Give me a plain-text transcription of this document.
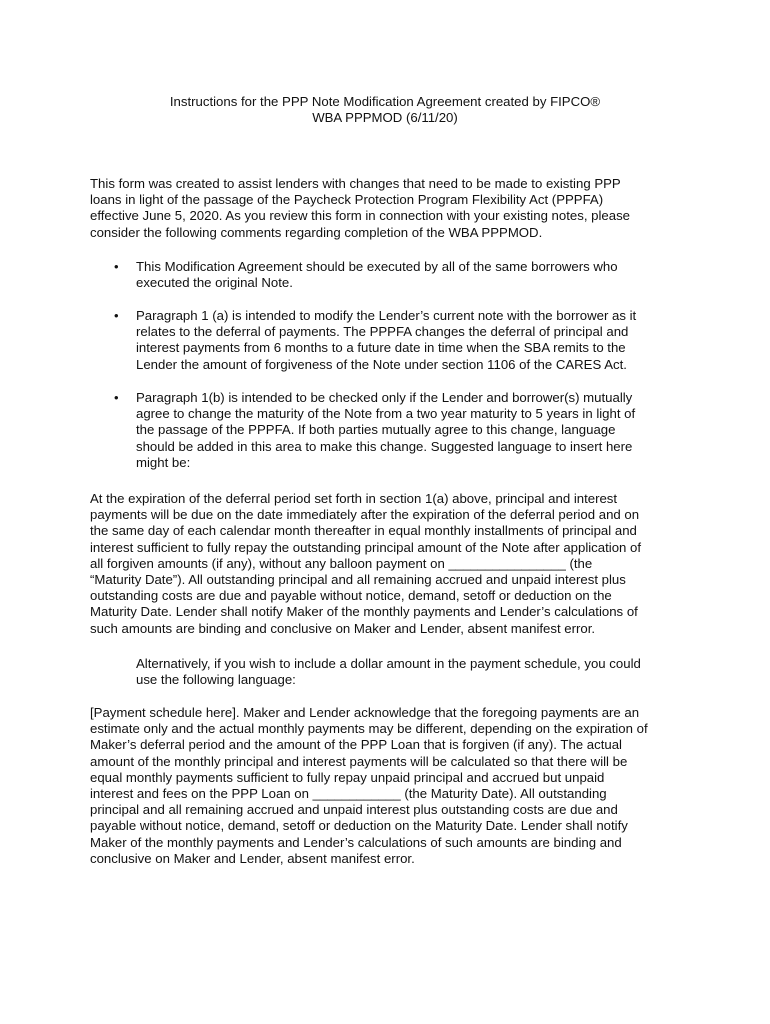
Instructions for the PPP Note Modification Agreement created by FIPCO®
WBA PPPMOD (6/11/20)
This form was created to assist lenders with changes that need to be made to existing PPP
loans in light of the passage of the Paycheck Protection Program Flexibility Act (PPPFA)
effective June 5, 2020. As you review this form in connection with your existing notes, please
consider the following comments regarding completion of the WBA PPPMOD.
• This Modification Agreement should be executed by all of the same borrowers who
executed the original Note.
• Paragraph 1 (a) is intended to modify the Lender’s current note with the borrower as it
relates to the deferral of payments. The PPPFA changes the deferral of principal and
interest payments from 6 months to a future date in time when the SBA remits to the
Lender the amount of forgiveness of the Note under section 1106 of the CARES Act.
• Paragraph 1(b) is intended to be checked only if the Lender and borrower(s) mutually
agree to change the maturity of the Note from a two year maturity to 5 years in light of
the passage of the PPPFA. If both parties mutually agree to this change, language
should be added in this area to make this change. Suggested language to insert here
might be:
At the expiration of the deferral period set forth in section 1(a) above, principal and interest
payments will be due on the date immediately after the expiration of the deferral period and on
the same day of each calendar month thereafter in equal monthly installments of principal and
interest sufficient to fully repay the outstanding principal amount of the Note after application of
all forgiven amounts (if any), without any balloon payment on ________________ (the
“Maturity Date”). All outstanding principal and all remaining accrued and unpaid interest plus
outstanding costs are due and payable without notice, demand, setoff or deduction on the
Maturity Date. Lender shall notify Maker of the monthly payments and Lender’s calculations of
such amounts are binding and conclusive on Maker and Lender, absent manifest error.
Alternatively, if you wish to include a dollar amount in the payment schedule, you could
use the following language:
[Payment schedule here]. Maker and Lender acknowledge that the foregoing payments are an
estimate only and the actual monthly payments may be different, depending on the expiration of
Maker’s deferral period and the amount of the PPP Loan that is forgiven (if any). The actual
amount of the monthly principal and interest payments will be calculated so that there will be
equal monthly payments sufficient to fully repay unpaid principal and accrued but unpaid
interest and fees on the PPP Loan on ____________ (the Maturity Date). All outstanding
principal and all remaining accrued and unpaid interest plus outstanding costs are due and
payable without notice, demand, setoff or deduction on the Maturity Date. Lender shall notify
Maker of the monthly payments and Lender’s calculations of such amounts are binding and
conclusive on Maker and Lender, absent manifest error.
